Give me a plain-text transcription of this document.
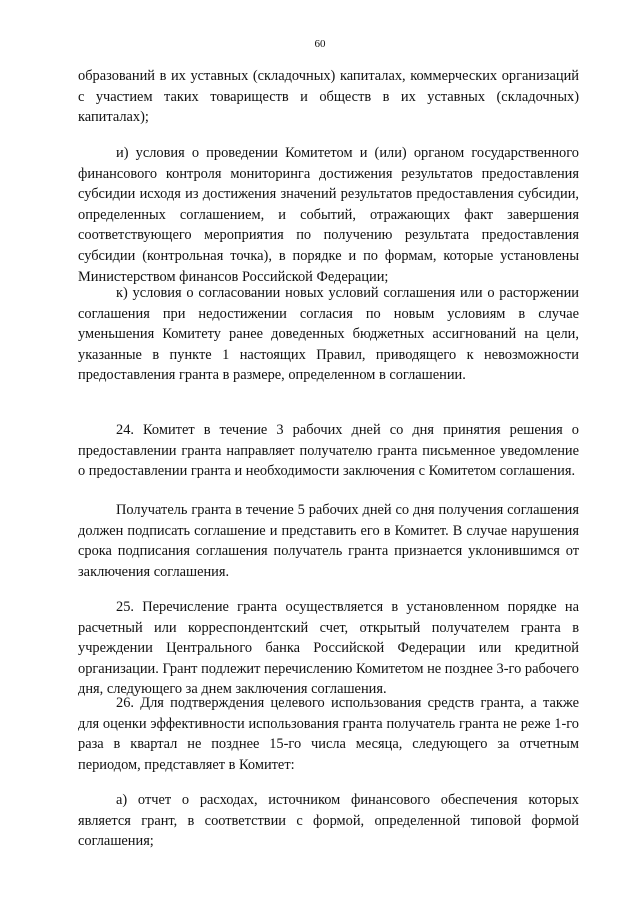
60

образований в их уставных (складочных) капиталах, коммерческих организаций с участием таких товариществ и обществ в их уставных (складочных) капиталах);

и) условия о проведении Комитетом и (или) органом государственного финансового контроля мониторинга достижения результатов предоставления субсидии исходя из достижения значений результатов предоставления субсидии, определенных соглашением, и событий, отражающих факт завершения соответствующего мероприятия по получению результата предоставления субсидии (контрольная точка), в порядке и по формам, которые установлены Министерством финансов Российской Федерации;

к) условия о согласовании новых условий соглашения или о расторжении соглашения при недостижении согласия по новым условиям в случае уменьшения Комитету ранее доведенных бюджетных ассигнований на цели, указанные в пункте 1 настоящих Правил, приводящего к невозможности предоставления гранта в размере, определенном в соглашении.

24. Комитет в течение 3 рабочих дней со дня принятия решения о предоставлении гранта направляет получателю гранта письменное уведомление о предоставлении гранта и необходимости заключения с Комитетом соглашения.

Получатель гранта в течение 5 рабочих дней со дня получения соглашения должен подписать соглашение и представить его в Комитет. В случае нарушения срока подписания соглашения получатель гранта признается уклонившимся от заключения соглашения.

25. Перечисление гранта осуществляется в установленном порядке на расчетный или корреспондентский счет, открытый получателем гранта в учреждении Центрального банка Российской Федерации или кредитной организации. Грант подлежит перечислению Комитетом не позднее 3-го рабочего дня, следующего за днем заключения соглашения.

26. Для подтверждения целевого использования средств гранта, а также для оценки эффективности использования гранта получатель гранта не реже 1-го раза в квартал не позднее 15-го числа месяца, следующего за отчетным периодом, представляет в Комитет:

а) отчет о расходах, источником финансового обеспечения которых является грант, в соответствии с формой, определенной типовой формой соглашения;
